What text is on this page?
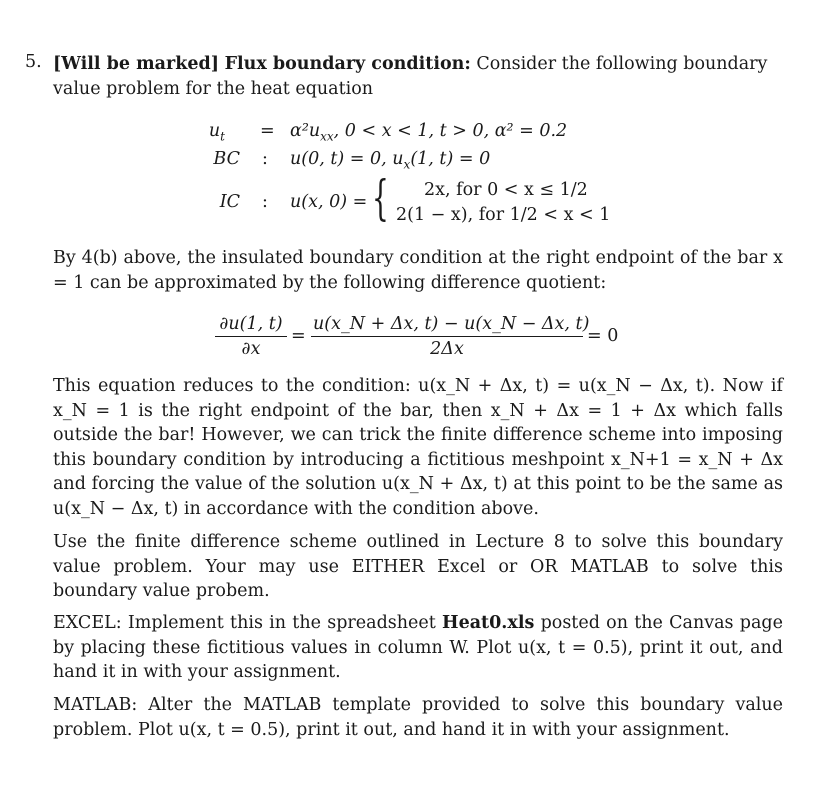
5. [Will be marked] Flux boundary condition: Consider the following boundary
value problem for the heat equation
$u_t$
BC
IC
=
:
:
$\alpha^2u_{xx}$, 0 < x < 1, t > 0, α² = 0.2
u(0, t) = 0, $u_x(1$, t) = 0
u(x, 0) = { 2x, for 0 < x ≤ 1/2
2(1 − x), for 1/2 < x < 1
By 4(b) above, the insulated boundary condition at the right endpoint of the bar x = 1 can be approximated by the following difference quotient:
$\frac{\partial u(1, t)}{\partial x} = \frac{u(x\_N + \Delta x, t) - u(x\_N - \Delta x, t)}{2\Delta x} = 0$
This equation reduces to the condition: u(x_N + Δx, t) = u(x_N − Δx, t). Now if x_N = 1 is the right endpoint of the bar, then x_N + Δx = 1 + Δx which falls outside the bar! However, we can trick the finite difference scheme into imposing this boundary condition by introducing a fictitious meshpoint x_N+1 = x_N + Δx and forcing the value of the solution u(x_N + Δx, t) at this point to be the same as u(x_N − Δx, t) in accordance with the condition above.
Use the finite difference scheme outlined in Lecture 8 to solve this boundary value problem. Your may use EITHER Excel or OR MATLAB to solve this boundary value probem.
EXCEL: Implement this in the spreadsheet Heat0.xls posted on the Canvas page by placing these fictitious values in column W. Plot u(x, t = 0.5), print it out, and hand it in with your assignment.
MATLAB: Alter the MATLAB template provided to solve this boundary value problem. Plot u(x, t = 0.5), print it out, and hand it in with your assignment.
